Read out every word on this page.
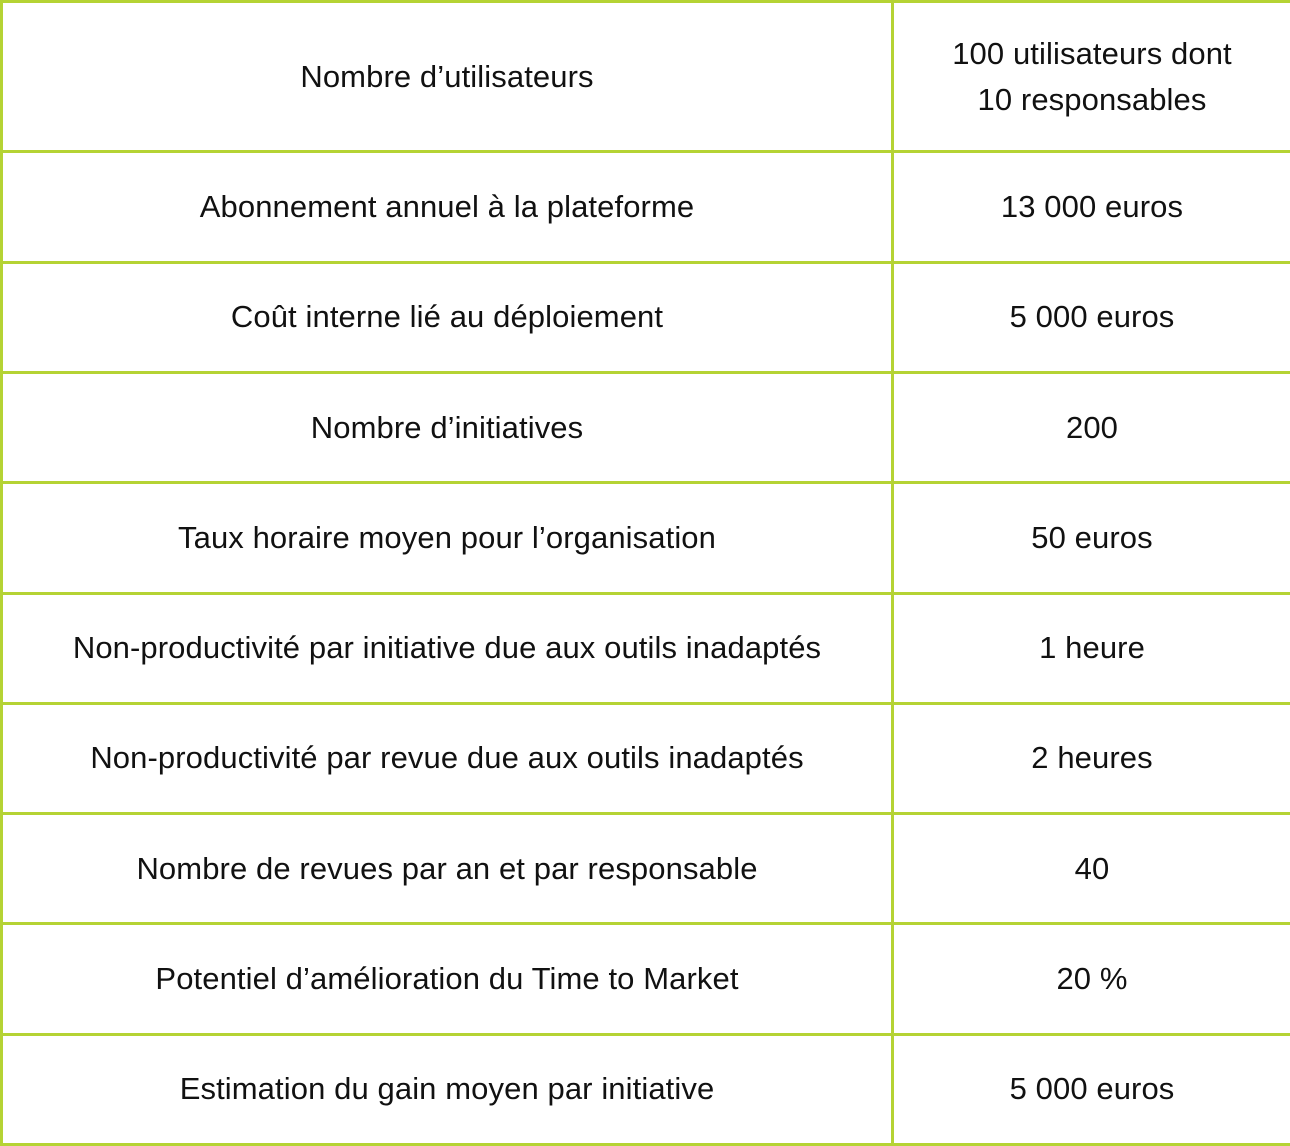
Nombre d’utilisateurs	100 utilisateurs dont
10 responsables

Abonnement annuel à la plateforme	13 000 euros
Coût interne lié au déploiement	5 000 euros
Nombre d’initiatives	200
Taux horaire moyen pour l’organisation	50 euros
Non-productivité par initiative due aux outils inadaptés	1 heure
Non-productivité par revue due aux outils inadaptés	2 heures
Nombre de revues par an et par responsable	40
Potentiel d’amélioration du Time to Market	20 %
Estimation du gain moyen par initiative	5 000 euros
